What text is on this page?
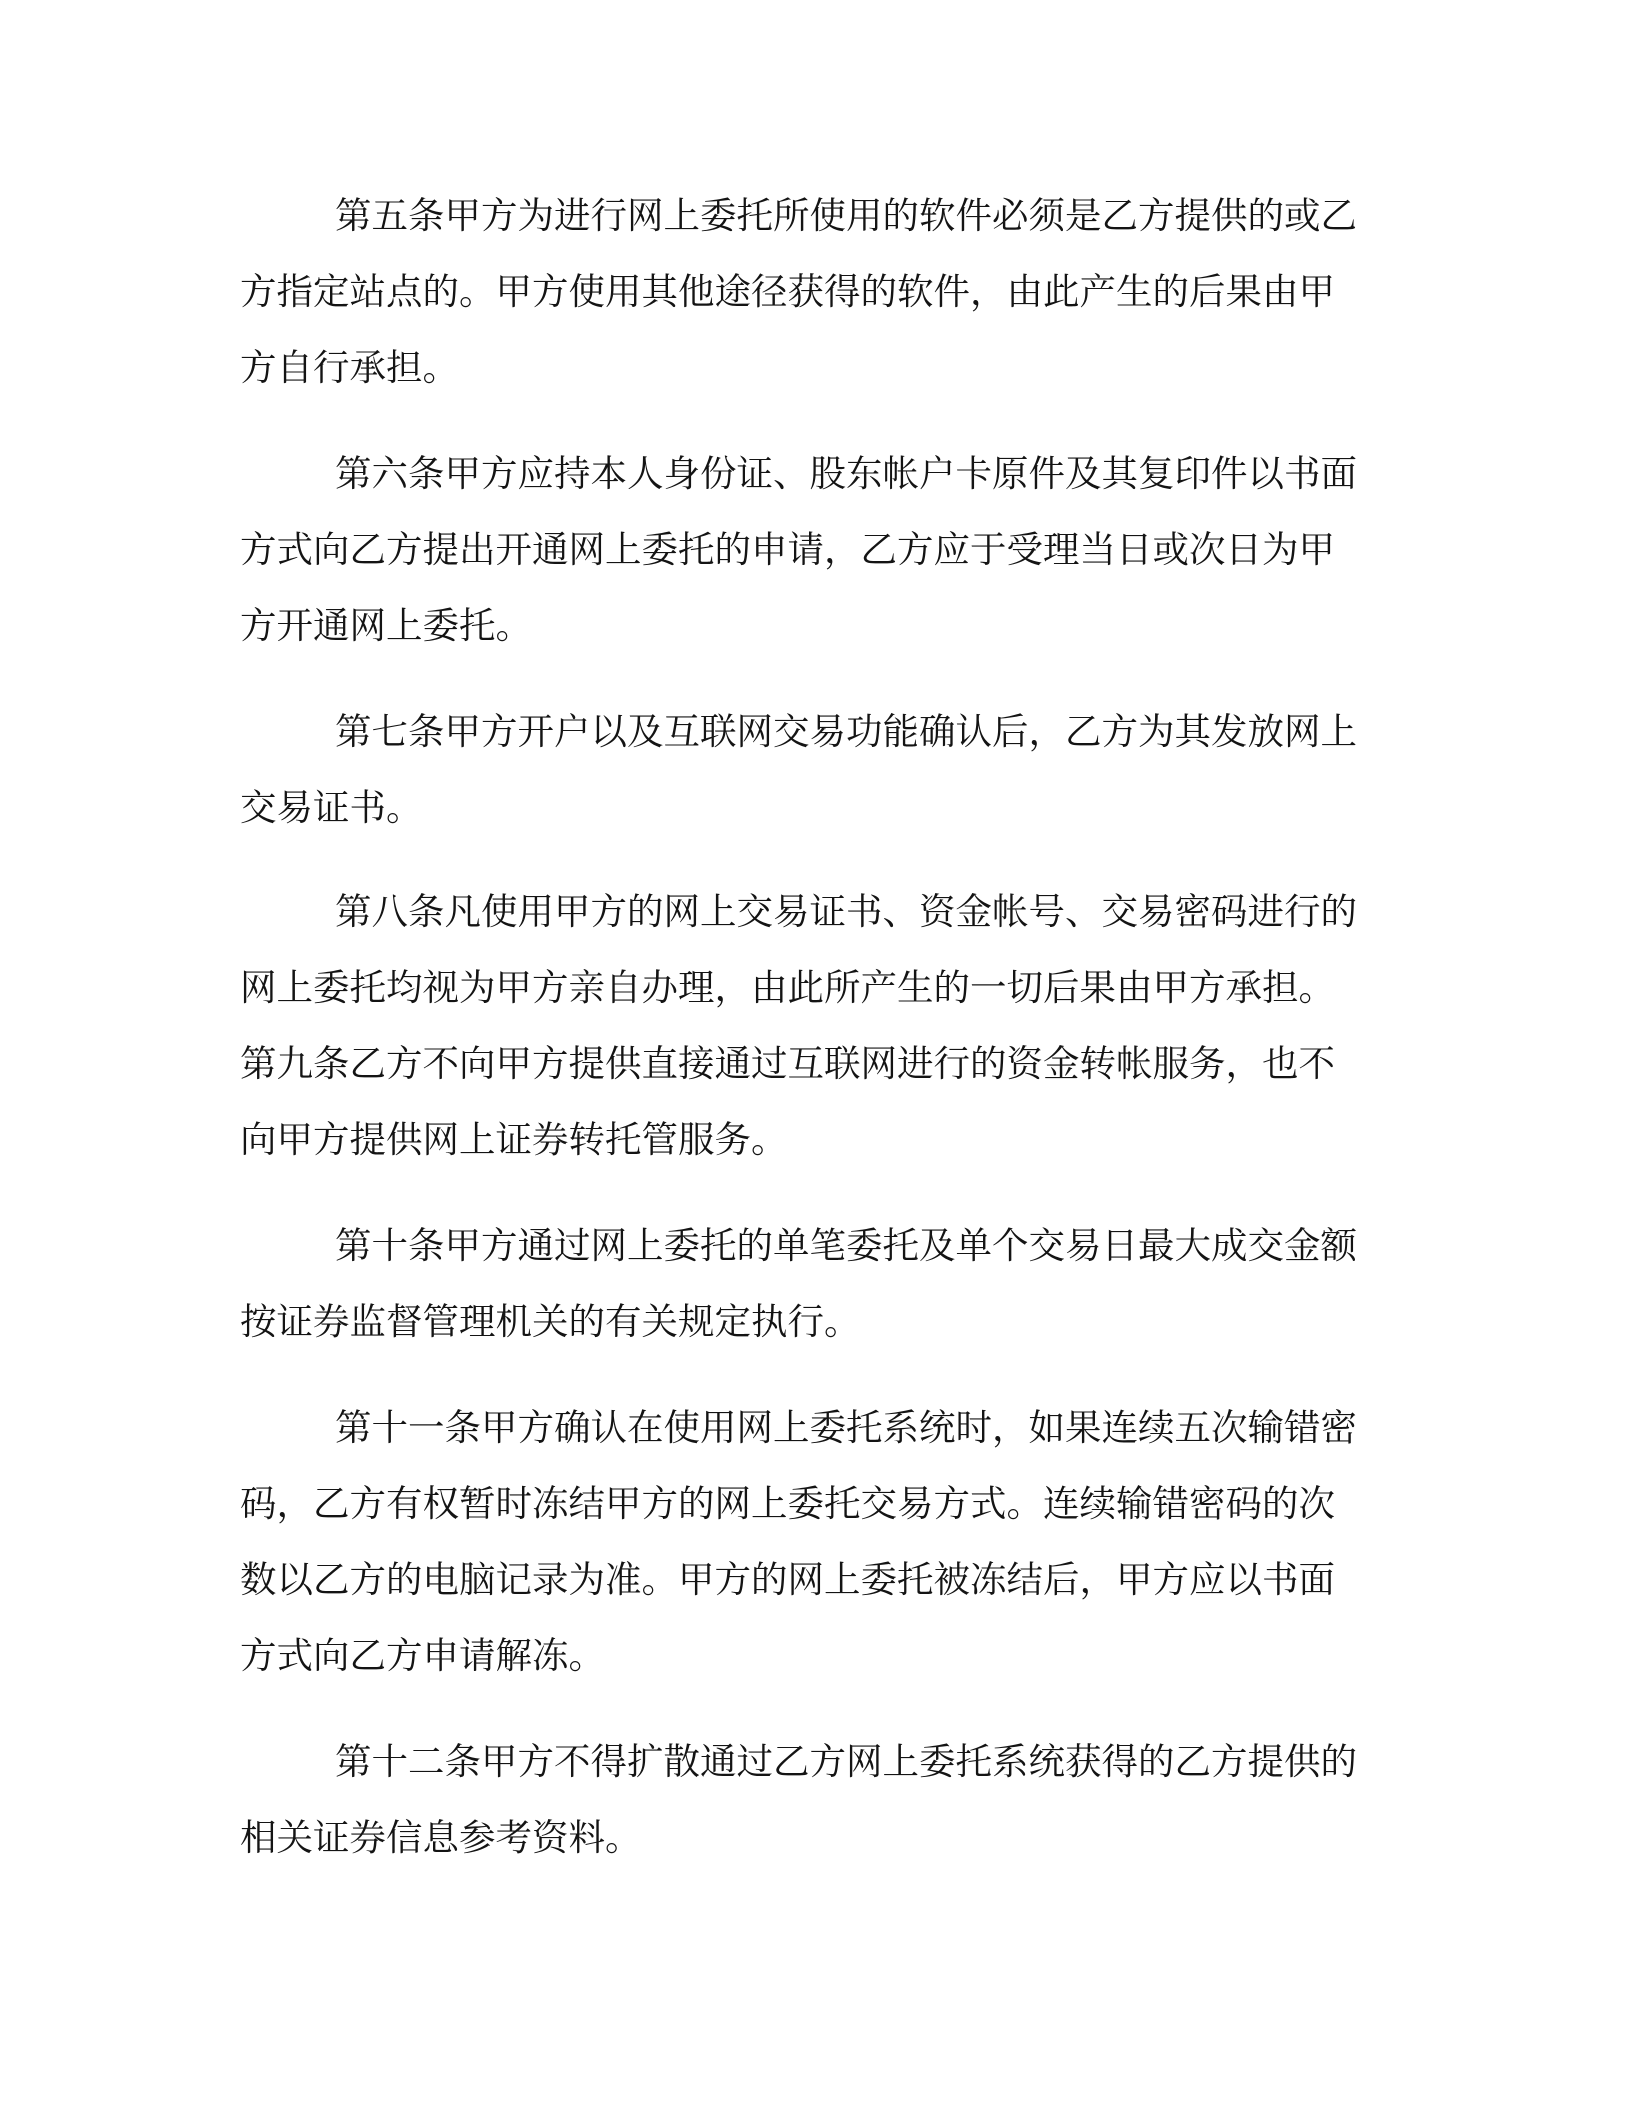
第五条甲方为进行网上委托所使用的软件必须是乙方提供的或乙
方指定站点的。甲方使用其他途径获得的软件，由此产生的后果由甲
方自行承担。
第六条甲方应持本人身份证、股东帐户卡原件及其复印件以书面
方式向乙方提出开通网上委托的申请，乙方应于受理当日或次日为甲
方开通网上委托。
第七条甲方开户以及互联网交易功能确认后，乙方为其发放网上
交易证书。
第八条凡使用甲方的网上交易证书、资金帐号、交易密码进行的
网上委托均视为甲方亲自办理，由此所产生的一切后果由甲方承担。
第九条乙方不向甲方提供直接通过互联网进行的资金转帐服务，也不
向甲方提供网上证券转托管服务。
第十条甲方通过网上委托的单笔委托及单个交易日最大成交金额
按证券监督管理机关的有关规定执行。
第十一条甲方确认在使用网上委托系统时，如果连续五次输错密
码，乙方有权暂时冻结甲方的网上委托交易方式。连续输错密码的次
数以乙方的电脑记录为准。甲方的网上委托被冻结后，甲方应以书面
方式向乙方申请解冻。
第十二条甲方不得扩散通过乙方网上委托系统获得的乙方提供的
相关证券信息参考资料。
